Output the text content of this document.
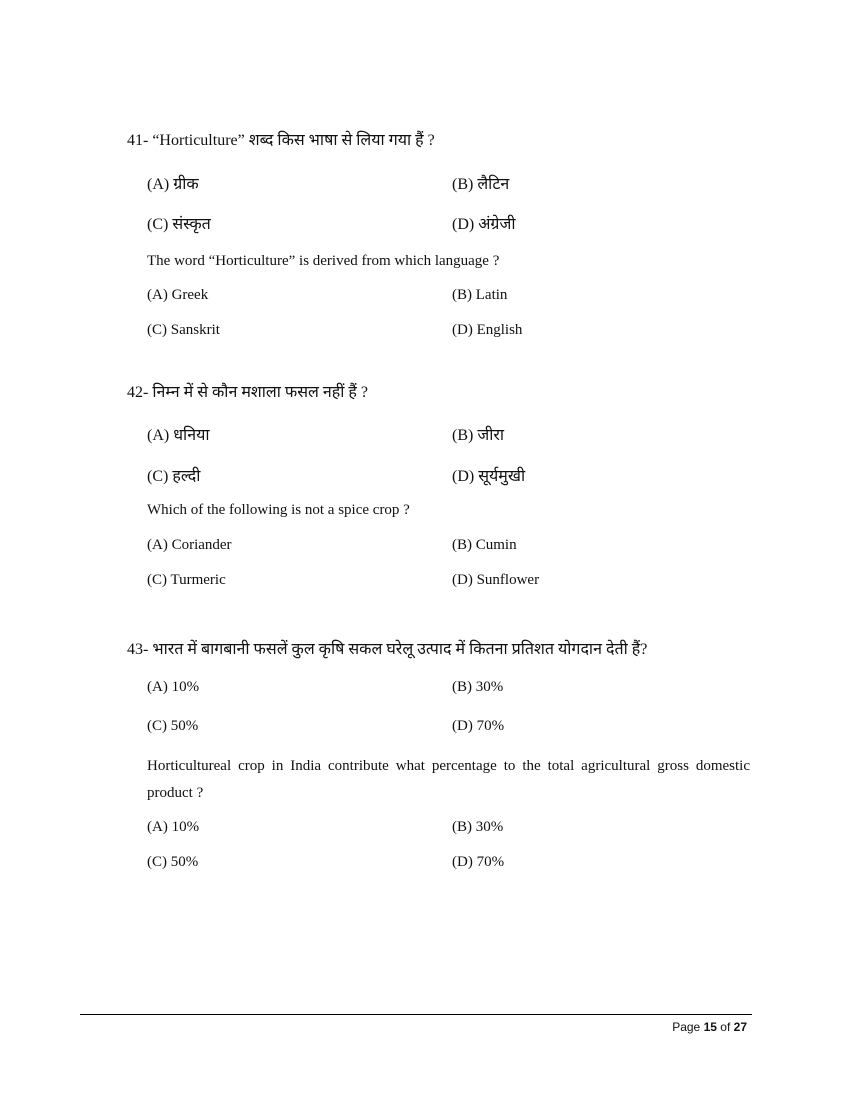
41- “Horticulture” शब्द किस भाषा से लिया गया हैं ?
(A) ग्रीक	(B) लैटिन
(C) संस्कृत	(D) अंग्रेजी
The word “Horticulture” is derived from which language ?
(A) Greek	(B) Latin
(C) Sanskrit	(D) English
42- निम्न में से कौन मशाला फसल नहीं हैं ?
(A) धनिया	(B) जीरा
(C) हल्दी	(D) सूर्यमुखी
Which of the following is not a spice crop ?
(A) Coriander	(B) Cumin
(C) Turmeric	(D) Sunflower
43- भारत में बागबानी फसलें कुल कृषि सकल घरेलू उत्पाद में कितना प्रतिशत योगदान देती हैं?
(A) 10%	(B) 30%
(C) 50%	(D) 70%
Horticultureal crop in India contribute what percentage to the total agricultural gross domestic product ?
(A) 10%	(B) 30%
(C) 50%	(D) 70%
Page 15 of 27
